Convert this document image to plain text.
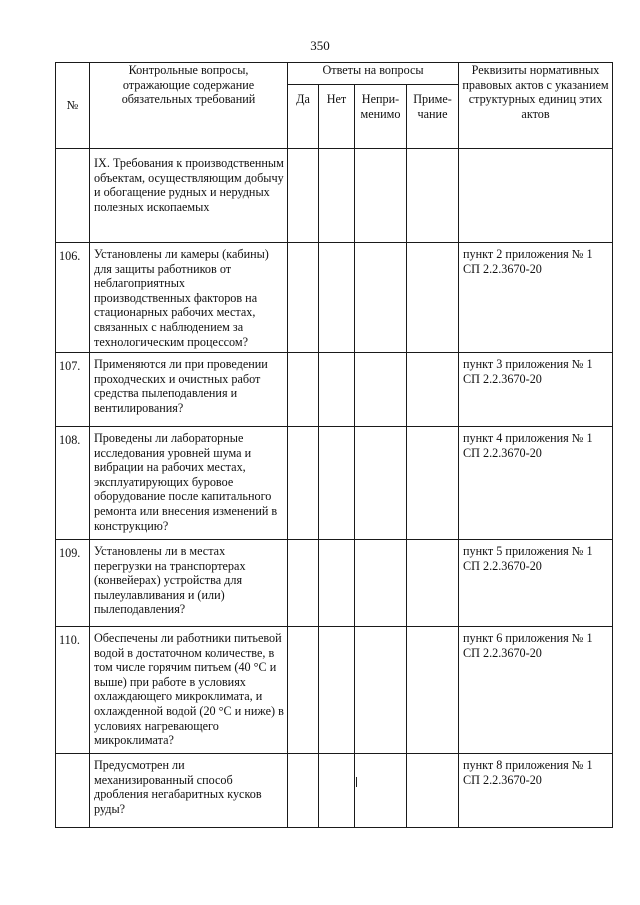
350
№	Контрольные вопросы, отражающие содержание обязательных требований	Ответы на вопросы				Реквизиты нормативных правовых актов с указанием структурных единиц этих актов
		Да	Нет	Непри-менимо	Приме-чание	
	IX. Требования к производственным объектам, осуществляющим добычу и обогащение рудных и нерудных полезных ископаемых					
106.	Установлены ли камеры (кабины) для защиты работников от неблагоприятных производственных факторов на стационарных рабочих местах, связанных с наблюдением за технологическим процессом?					пункт 2 приложения № 1 СП 2.2.3670-20
107.	Применяются ли при проведении проходческих и очистных работ средства пылеподавления и вентилирования?					пункт 3 приложения № 1 СП 2.2.3670-20
108.	Проведены ли лабораторные исследования уровней шума и вибрации на рабочих местах, эксплуатирующих буровое оборудование после капитального ремонта или внесения изменений в конструкцию?					пункт 4 приложения № 1 СП 2.2.3670-20
109.	Установлены ли в местах перегрузки на транспортерах (конвейерах) устройства для пылеулавливания и (или) пылеподавления?					пункт 5 приложения № 1 СП 2.2.3670-20
110.	Обеспечены ли работники питьевой водой в достаточном количестве, в том числе горячим питьем (40 °C и выше) при работе в условиях охлаждающего микроклимата, и охлажденной водой (20 °C и ниже) в условиях нагревающего микроклимата?					пункт 6 приложения № 1 СП 2.2.3670-20
	Предусмотрен ли механизированный способ дробления негабаритных кусков руды?					пункт 8 приложения № 1 СП 2.2.3670-20
